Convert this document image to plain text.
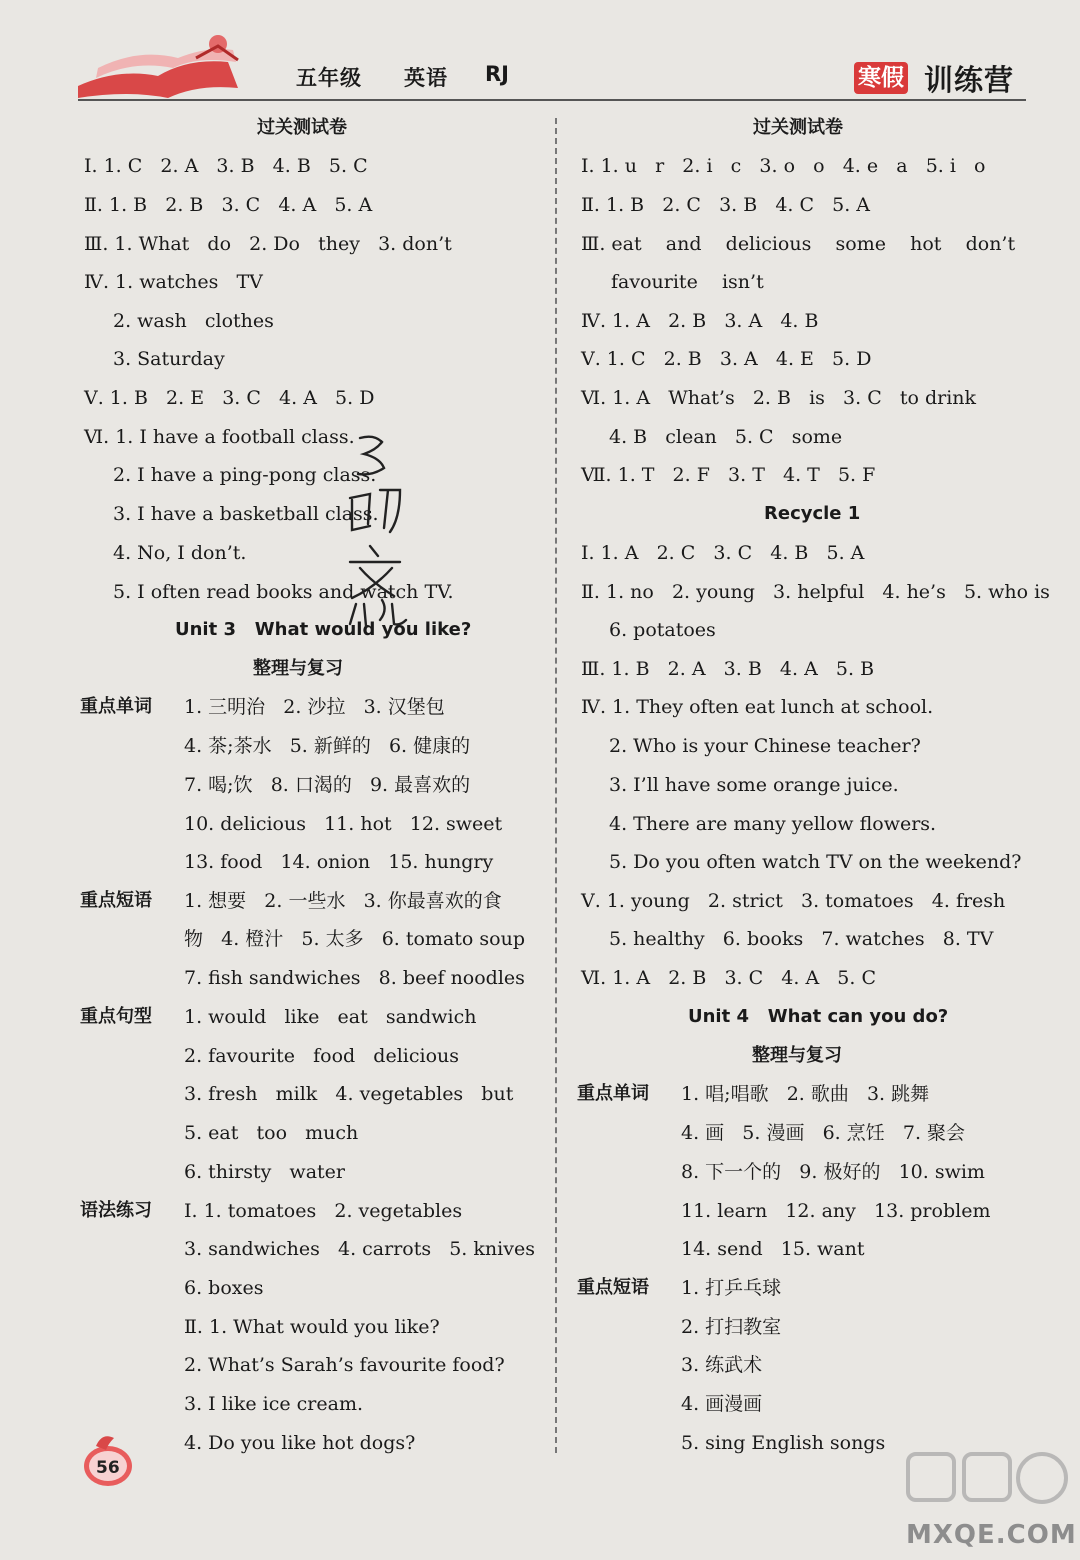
五年级 英语 RJ	寒假 训练营
过关测试卷
Ⅰ. 1. C   2. A   3. B   4. B   5. C
Ⅱ. 1. B   2. B   3. C   4. A   5. A
Ⅲ. 1. What   do   2. Do   they   3. don’t
Ⅳ. 1. watches   TV
2. wash   clothes
3. Saturday
Ⅴ. 1. B   2. E   3. C   4. A   5. D
Ⅵ. 1. I have a football class.
2. I have a ping-pong class.
3. I have a basketball class.
4. No, I don’t.
5. I often read books and watch TV.
Unit 3   What would you like?
整理与复习
重点单词 1. 三明治   2. 沙拉   3. 汉堡包
4. 茶;茶水   5. 新鲜的   6. 健康的
7. 喝;饮   8. 口渴的   9. 最喜欢的
10. delicious   11. hot   12. sweet
13. food   14. onion   15. hungry
重点短语 1. 想要   2. 一些水   3. 你最喜欢的食
物   4. 橙汁   5. 太多   6. tomato soup
7. fish sandwiches   8. beef noodles
重点句型 1. would   like   eat   sandwich
2. favourite   food   delicious
3. fresh   milk   4. vegetables   but
5. eat   too   much
6. thirsty   water
语法练习 Ⅰ. 1. tomatoes   2. vegetables
3. sandwiches   4. carrots   5. knives
6. boxes
Ⅱ. 1. What would you like?
2. What’s Sarah’s favourite food?
3. I like ice cream.
4. Do you like hot dogs?
过关测试卷
Ⅰ. 1. u   r   2. i   c   3. o   o   4. e   a   5. i   o
Ⅱ. 1. B   2. C   3. B   4. C   5. A
Ⅲ. eat    and    delicious    some    hot    don’t
favourite    isn’t
Ⅳ. 1. A   2. B   3. A   4. B
Ⅴ. 1. C   2. B   3. A   4. E   5. D
Ⅵ. 1. A   What’s   2. B   is   3. C   to drink
4. B   clean   5. C   some
Ⅶ. 1. T   2. F   3. T   4. T   5. F
Recycle 1
Ⅰ. 1. A   2. C   3. C   4. B   5. A
Ⅱ. 1. no   2. young   3. helpful   4. he’s   5. who is
6. potatoes
Ⅲ. 1. B   2. A   3. B   4. A   5. B
Ⅳ. 1. They often eat lunch at school.
2. Who is your Chinese teacher?
3. I’ll have some orange juice.
4. There are many yellow flowers.
5. Do you often watch TV on the weekend?
Ⅴ. 1. young   2. strict   3. tomatoes   4. fresh
5. healthy   6. books   7. watches   8. TV
Ⅵ. 1. A   2. B   3. C   4. A   5. C
Unit 4   What can you do?
整理与复习
重点单词 1. 唱;唱歌   2. 歌曲   3. 跳舞
4. 画   5. 漫画   6. 烹饪   7. 聚会
8. 下一个的   9. 极好的   10. swim
11. learn   12. any   13. problem
14. send   15. want
重点短语 1. 打乒乓球
2. 打扫教室
3. 练武术
4. 画漫画
5. sing English songs
56
MXQE.COM
